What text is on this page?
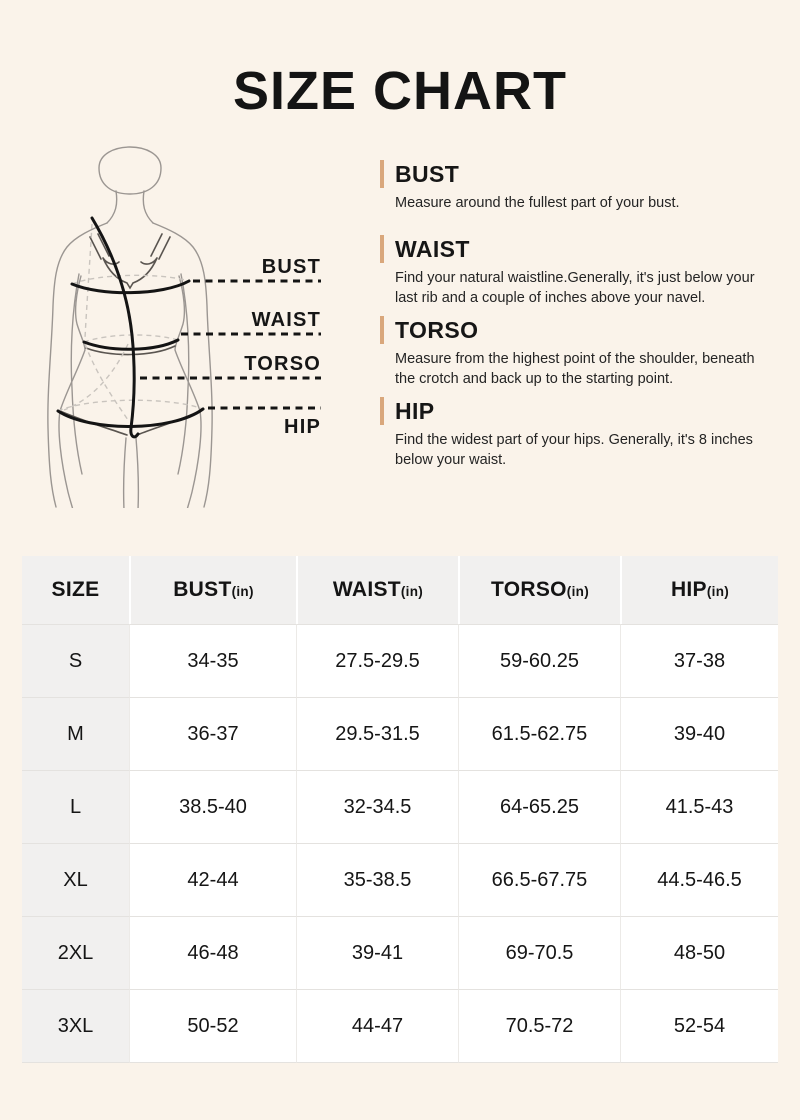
SIZE CHART
BUST
WAIST
TORSO
HIP
BUST

Measure around the fullest part of your bust.

WAIST

Find your natural waistline.Generally, it's just below your last rib and a couple of inches above your navel.

TORSO

Measure from the highest point of the shoulder, beneath the crotch and back up to the starting point.

HIP

Find the widest part of your hips. Generally, it's 8 inches below your waist.

SIZE	BUST(in)	WAIST(in)	TORSO(in)	HIP(in)
S	34-35	27.5-29.5	59-60.25	37-38
M	36-37	29.5-31.5	61.5-62.75	39-40
L	38.5-40	32-34.5	64-65.25	41.5-43
XL	42-44	35-38.5	66.5-67.75	44.5-46.5
2XL	46-48	39-41	69-70.5	48-50
3XL	50-52	44-47	70.5-72	52-54
